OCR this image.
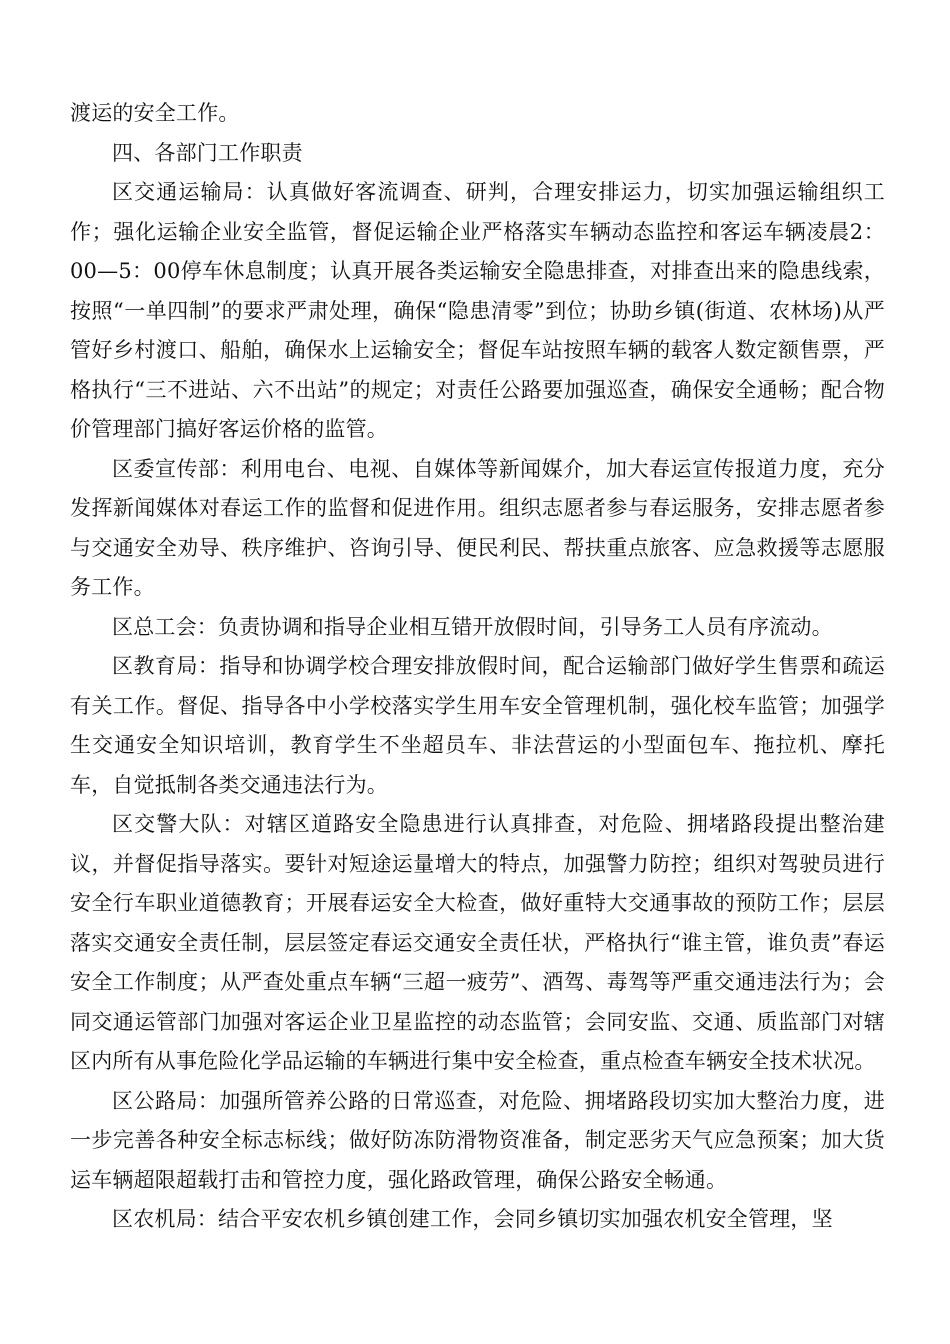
渡运的安全工作。

四、各部门工作职责

区交通运输局：认真做好客流调查、研判，合理安排运力，切实加强运输组织工作；强化运输企业安全监管，督促运输企业严格落实车辆动态监控和客运车辆凌晨2：00—5：00停车休息制度；认真开展各类运输安全隐患排查，对排查出来的隐患线索，按照“一单四制”的要求严肃处理，确保“隐患清零”到位；协助乡镇(街道、农林场)从严管好乡村渡口、船舶，确保水上运输安全；督促车站按照车辆的载客人数定额售票，严格执行“三不进站、六不出站”的规定；对责任公路要加强巡查，确保安全通畅；配合物价管理部门搞好客运价格的监管。

区委宣传部：利用电台、电视、自媒体等新闻媒介，加大春运宣传报道力度，充分发挥新闻媒体对春运工作的监督和促进作用。组织志愿者参与春运服务，安排志愿者参与交通安全劝导、秩序维护、咨询引导、便民利民、帮扶重点旅客、应急救援等志愿服务工作。

区总工会：负责协调和指导企业相互错开放假时间，引导务工人员有序流动。

区教育局：指导和协调学校合理安排放假时间，配合运输部门做好学生售票和疏运有关工作。督促、指导各中小学校落实学生用车安全管理机制，强化校车监管；加强学生交通安全知识培训，教育学生不坐超员车、非法营运的小型面包车、拖拉机、摩托车，自觉抵制各类交通违法行为。

区交警大队：对辖区道路安全隐患进行认真排查，对危险、拥堵路段提出整治建议，并督促指导落实。要针对短途运量增大的特点，加强警力防控；组织对驾驶员进行安全行车职业道德教育；开展春运安全大检查，做好重特大交通事故的预防工作；层层落实交通安全责任制，层层签定春运交通安全责任状，严格执行“谁主管，谁负责”春运安全工作制度；从严查处重点车辆“三超一疲劳”、酒驾、毒驾等严重交通违法行为；会同交通运管部门加强对客运企业卫星监控的动态监管；会同安监、交通、质监部门对辖区内所有从事危险化学品运输的车辆进行集中安全检查，重点检查车辆安全技术状况。

区公路局：加强所管养公路的日常巡查，对危险、拥堵路段切实加大整治力度，进一步完善各种安全标志标线；做好防冻防滑物资准备，制定恶劣天气应急预案；加大货运车辆超限超载打击和管控力度，强化路政管理，确保公路安全畅通。

区农机局：结合平安农机乡镇创建工作，会同乡镇切实加强农机安全管理，坚
